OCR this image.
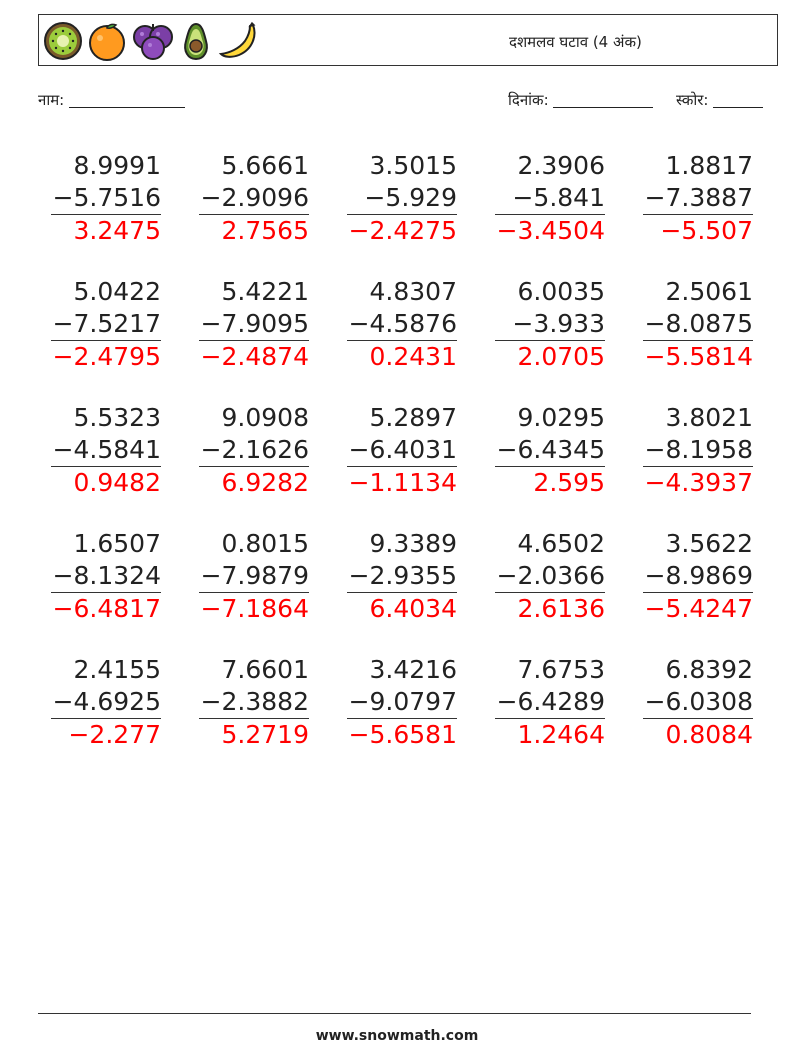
दशमलव घटाव (4 अंक)
नाम:	दिनांक:	स्कोर:
8.9991
−5.7516
3.2475
5.6661
−2.9096
2.7565
3.5015
−5.929
−2.4275
2.3906
−5.841
−3.4504
1.8817
−7.3887
−5.507
5.0422
−7.5217
−2.4795
5.4221
−7.9095
−2.4874
4.8307
−4.5876
0.2431
6.0035
−3.933
2.0705
2.5061
−8.0875
−5.5814
5.5323
−4.5841
0.9482
9.0908
−2.1626
6.9282
5.2897
−6.4031
−1.1134
9.0295
−6.4345
2.595
3.8021
−8.1958
−4.3937
1.6507
−8.1324
−6.4817
0.8015
−7.9879
−7.1864
9.3389
−2.9355
6.4034
4.6502
−2.0366
2.6136
3.5622
−8.9869
−5.4247
2.4155
−4.6925
−2.277
7.6601
−2.3882
5.2719
3.4216
−9.0797
−5.6581
7.6753
−6.4289
1.2464
6.8392
−6.0308
0.8084
www.snowmath.com
